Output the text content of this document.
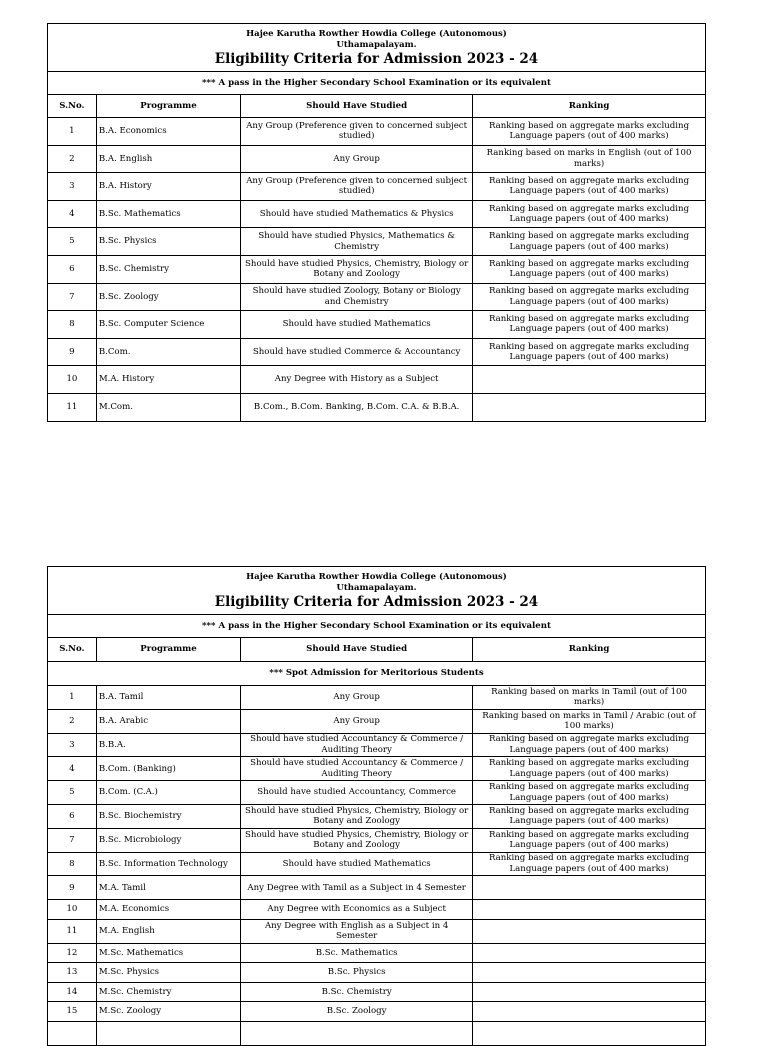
Hajee Karutha Rowther Howdia College (Autonomous)
Uthamapalayam.
Eligibility Criteria for Admission 2023 - 24			

*** A pass in the Higher Secondary School Examination or its equivalent			
S.No.	Programme	Should Have Studied	Ranking
1	B.A. Economics	Any Group (Preference given to concerned subject studied)	Ranking based on aggregate marks excluding Language papers (out of 400 marks)
2	B.A. English	Any Group	Ranking based on marks in English (out of 100 marks)
3	B.A. History	Any Group (Preference given to concerned subject studied)	Ranking based on aggregate marks excluding Language papers (out of 400 marks)
4	B.Sc. Mathematics	Should have studied Mathematics & Physics	Ranking based on aggregate marks excluding Language papers (out of 400 marks)
5	B.Sc. Physics	Should have studied Physics, Mathematics & Chemistry	Ranking based on aggregate marks excluding Language papers (out of 400 marks)
6	B.Sc. Chemistry	Should have studied Physics, Chemistry, Biology or Botany and Zoology	Ranking based on aggregate marks excluding Language papers (out of 400 marks)
7	B.Sc. Zoology	Should have studied Zoology, Botany or Biology and Chemistry	Ranking based on aggregate marks excluding Language papers (out of 400 marks)
8	B.Sc. Computer Science	Should have studied Mathematics	Ranking based on aggregate marks excluding Language papers (out of 400 marks)
9	B.Com.	Should have studied Commerce & Accountancy	Ranking based on aggregate marks excluding Language papers (out of 400 marks)
10	M.A. History	Any Degree with History as a Subject	
11	M.Com.	B.Com., B.Com. Banking, B.Com. C.A. & B.B.A.	
Hajee Karutha Rowther Howdia College (Autonomous)
Uthamapalayam.
Eligibility Criteria for Admission 2023 - 24			

*** A pass in the Higher Secondary School Examination or its equivalent			
S.No.	Programme	Should Have Studied	Ranking
*** Spot Admission for Meritorious Students			
1	B.A. Tamil	Any Group	Ranking based on marks in Tamil (out of 100 marks)
2	B.A. Arabic	Any Group	Ranking based on marks in Tamil / Arabic (out of 100 marks)
3	B.B.A.	Should have studied Accountancy & Commerce / Auditing Theory	Ranking based on aggregate marks excluding Language papers (out of 400 marks)
4	B.Com. (Banking)	Should have studied Accountancy & Commerce / Auditing Theory	Ranking based on aggregate marks excluding Language papers (out of 400 marks)
5	B.Com. (C.A.)	Should have studied Accountancy, Commerce	Ranking based on aggregate marks excluding Language papers (out of 400 marks)
6	B.Sc. Biochemistry	Should have studied Physics, Chemistry, Biology or Botany and Zoology	Ranking based on aggregate marks excluding Language papers (out of 400 marks)
7	B.Sc. Microbiology	Should have studied Physics, Chemistry, Biology or Botany and Zoology	Ranking based on aggregate marks excluding Language papers (out of 400 marks)
8	B.Sc. Information Technology	Should have studied Mathematics	Ranking based on aggregate marks excluding Language papers (out of 400 marks)
9	M.A. Tamil	Any Degree with Tamil as a Subject in 4 Semester	
10	M.A. Economics	Any Degree with Economics as a Subject	
11	M.A. English	Any Degree with English as a Subject in 4 Semester	
12	M.Sc. Mathematics	B.Sc. Mathematics	
13	M.Sc. Physics	B.Sc. Physics	
14	M.Sc. Chemistry	B.Sc. Chemistry	
15	M.Sc. Zoology	B.Sc. Zoology	
